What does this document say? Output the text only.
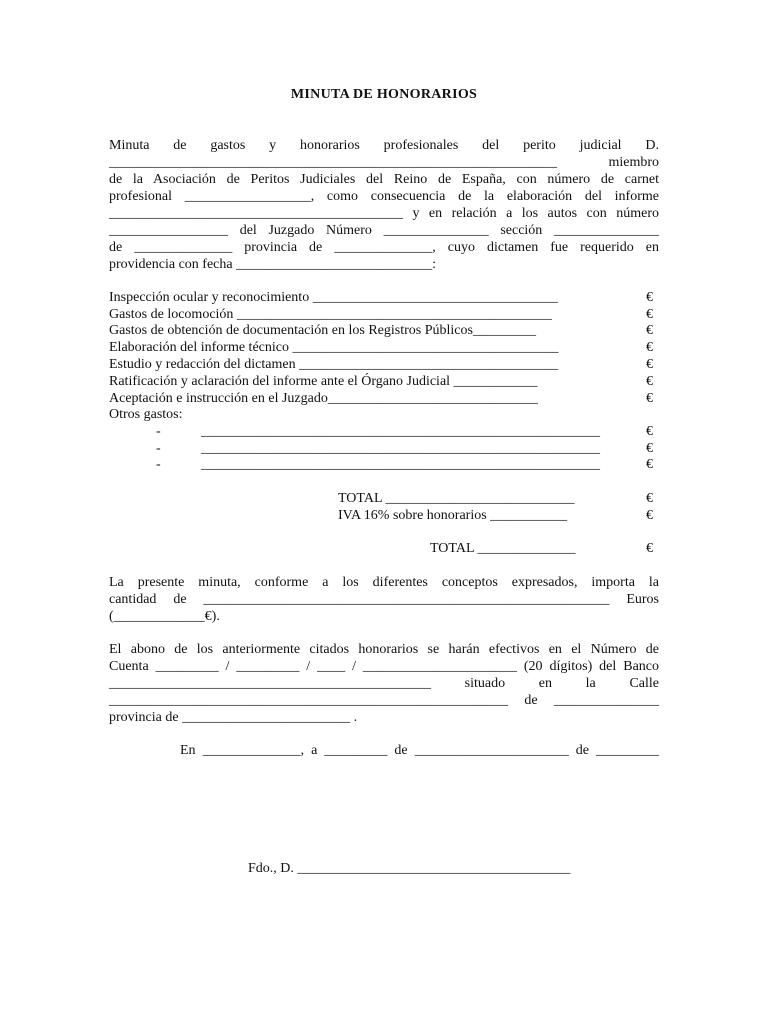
MINUTA DE HONORARIOS
Minuta de gastos y honorarios profesionales del perito judicial D.
________________________________________________________________ miembro
de la Asociación de Peritos Judiciales del Reino de España, con número de carnet
profesional __________________, como consecuencia de la elaboración del informe
__________________________________________ y en relación a los autos con número
_________________ del Juzgado Número _______________ sección _______________
de ______________ provincia de ______________, cuyo dictamen fue requerido en
providencia con fecha ____________________________:
Inspección ocular y reconocimiento ___________________________________	€
Gastos de locomoción _____________________________________________	€
Gastos de obtención de documentación en los Registros Públicos_________	€
Elaboración del informe técnico ______________________________________	€
Estudio y redacción del dictamen _____________________________________	€
Ratificación y aclaración del informe ante el Órgano Judicial ____________	€
Aceptación e instrucción en el Juzgado______________________________	€
Otros gastos:
-	_________________________________________________________	€
-	_________________________________________________________	€
-	_________________________________________________________	€
TOTAL ___________________________	€
IVA 16% sobre honorarios ___________	€
TOTAL ______________	€
La presente minuta, conforme a los diferentes conceptos expresados, importa la
cantidad de __________________________________________________________ Euros
(_____________€).
El abono de los anteriormente citados honorarios se harán efectivos en el Número de
Cuenta _________ / _________ / ____ / ______________________ (20 dígitos) del Banco
______________________________________________ situado en la Calle
_________________________________________________________ de _______________
provincia de ________________________ .
En ______________, a _________ de ______________________ de _________
Fdo., D. _______________________________________
